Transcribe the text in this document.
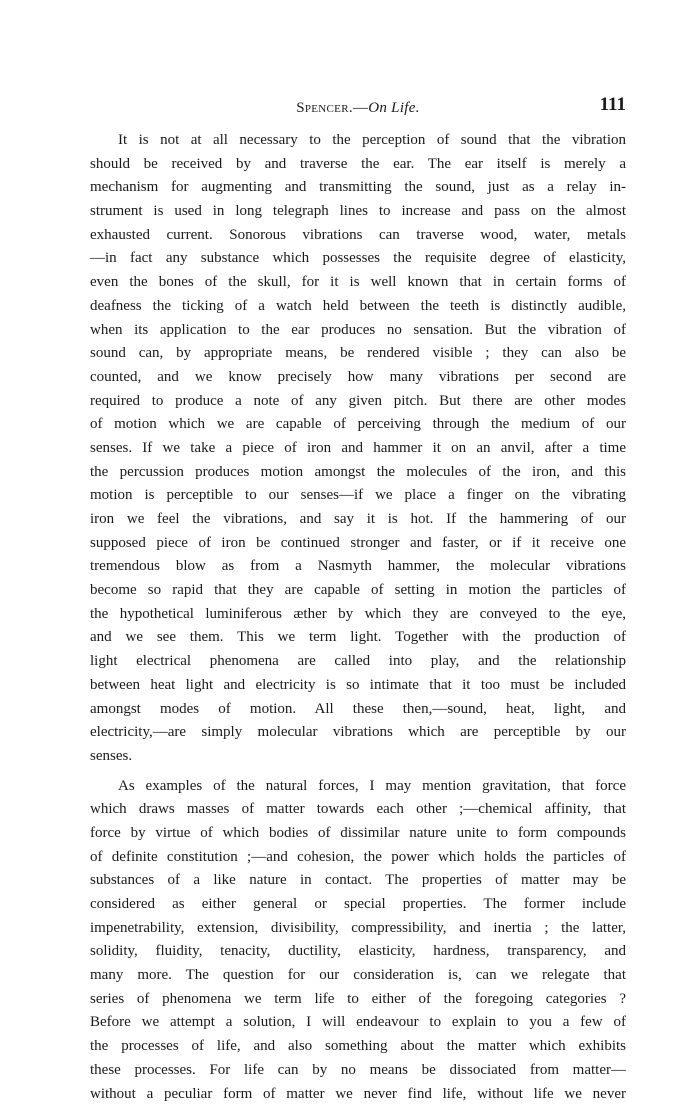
Spencer.—On Life.	111
It is not at all necessary to the perception of sound that the vibration
should be received by and traverse the ear. The ear itself is merely a
mechanism for augmenting and transmitting the sound, just as a relay in-
strument is used in long telegraph lines to increase and pass on the almost
exhausted current. Sonorous vibrations can traverse wood, water, metals
—in fact any substance which possesses the requisite degree of elasticity,
even the bones of the skull, for it is well known that in certain forms of
deafness the ticking of a watch held between the teeth is distinctly audible,
when its application to the ear produces no sensation. But the vibration of
sound can, by appropriate means, be rendered visible ; they can also be
counted, and we know precisely how many vibrations per second are
required to produce a note of any given pitch. But there are other modes
of motion which we are capable of perceiving through the medium of our
senses. If we take a piece of iron and hammer it on an anvil, after a time
the percussion produces motion amongst the molecules of the iron, and this
motion is perceptible to our senses—if we place a finger on the vibrating
iron we feel the vibrations, and say it is hot. If the hammering of our
supposed piece of iron be continued stronger and faster, or if it receive one
tremendous blow as from a Nasmyth hammer, the molecular vibrations
become so rapid that they are capable of setting in motion the particles of
the hypothetical luminiferous æther by which they are conveyed to the eye,
and we see them. This we term light. Together with the production of
light electrical phenomena are called into play, and the relationship
between heat light and electricity is so intimate that it too must be included
amongst modes of motion. All these then,—sound, heat, light, and
electricity,—are simply molecular vibrations which are perceptible by our
senses.
As examples of the natural forces, I may mention gravitation, that force
which draws masses of matter towards each other ;—chemical affinity, that
force by virtue of which bodies of dissimilar nature unite to form compounds
of definite constitution ;—and cohesion, the power which holds the particles of
substances of a like nature in contact. The properties of matter may be
considered as either general or special properties. The former include
impenetrability, extension, divisibility, compressibility, and inertia ; the latter,
solidity, fluidity, tenacity, ductility, elasticity, hardness, transparency, and
many more. The question for our consideration is, can we relegate that
series of phenomena we term life to either of the foregoing categories ?
Before we attempt a solution, I will endeavour to explain to you a few of
the processes of life, and also something about the matter which exhibits
these processes. For life can by no means be dissociated from matter—
without a peculiar form of matter we never find life, without life we never
